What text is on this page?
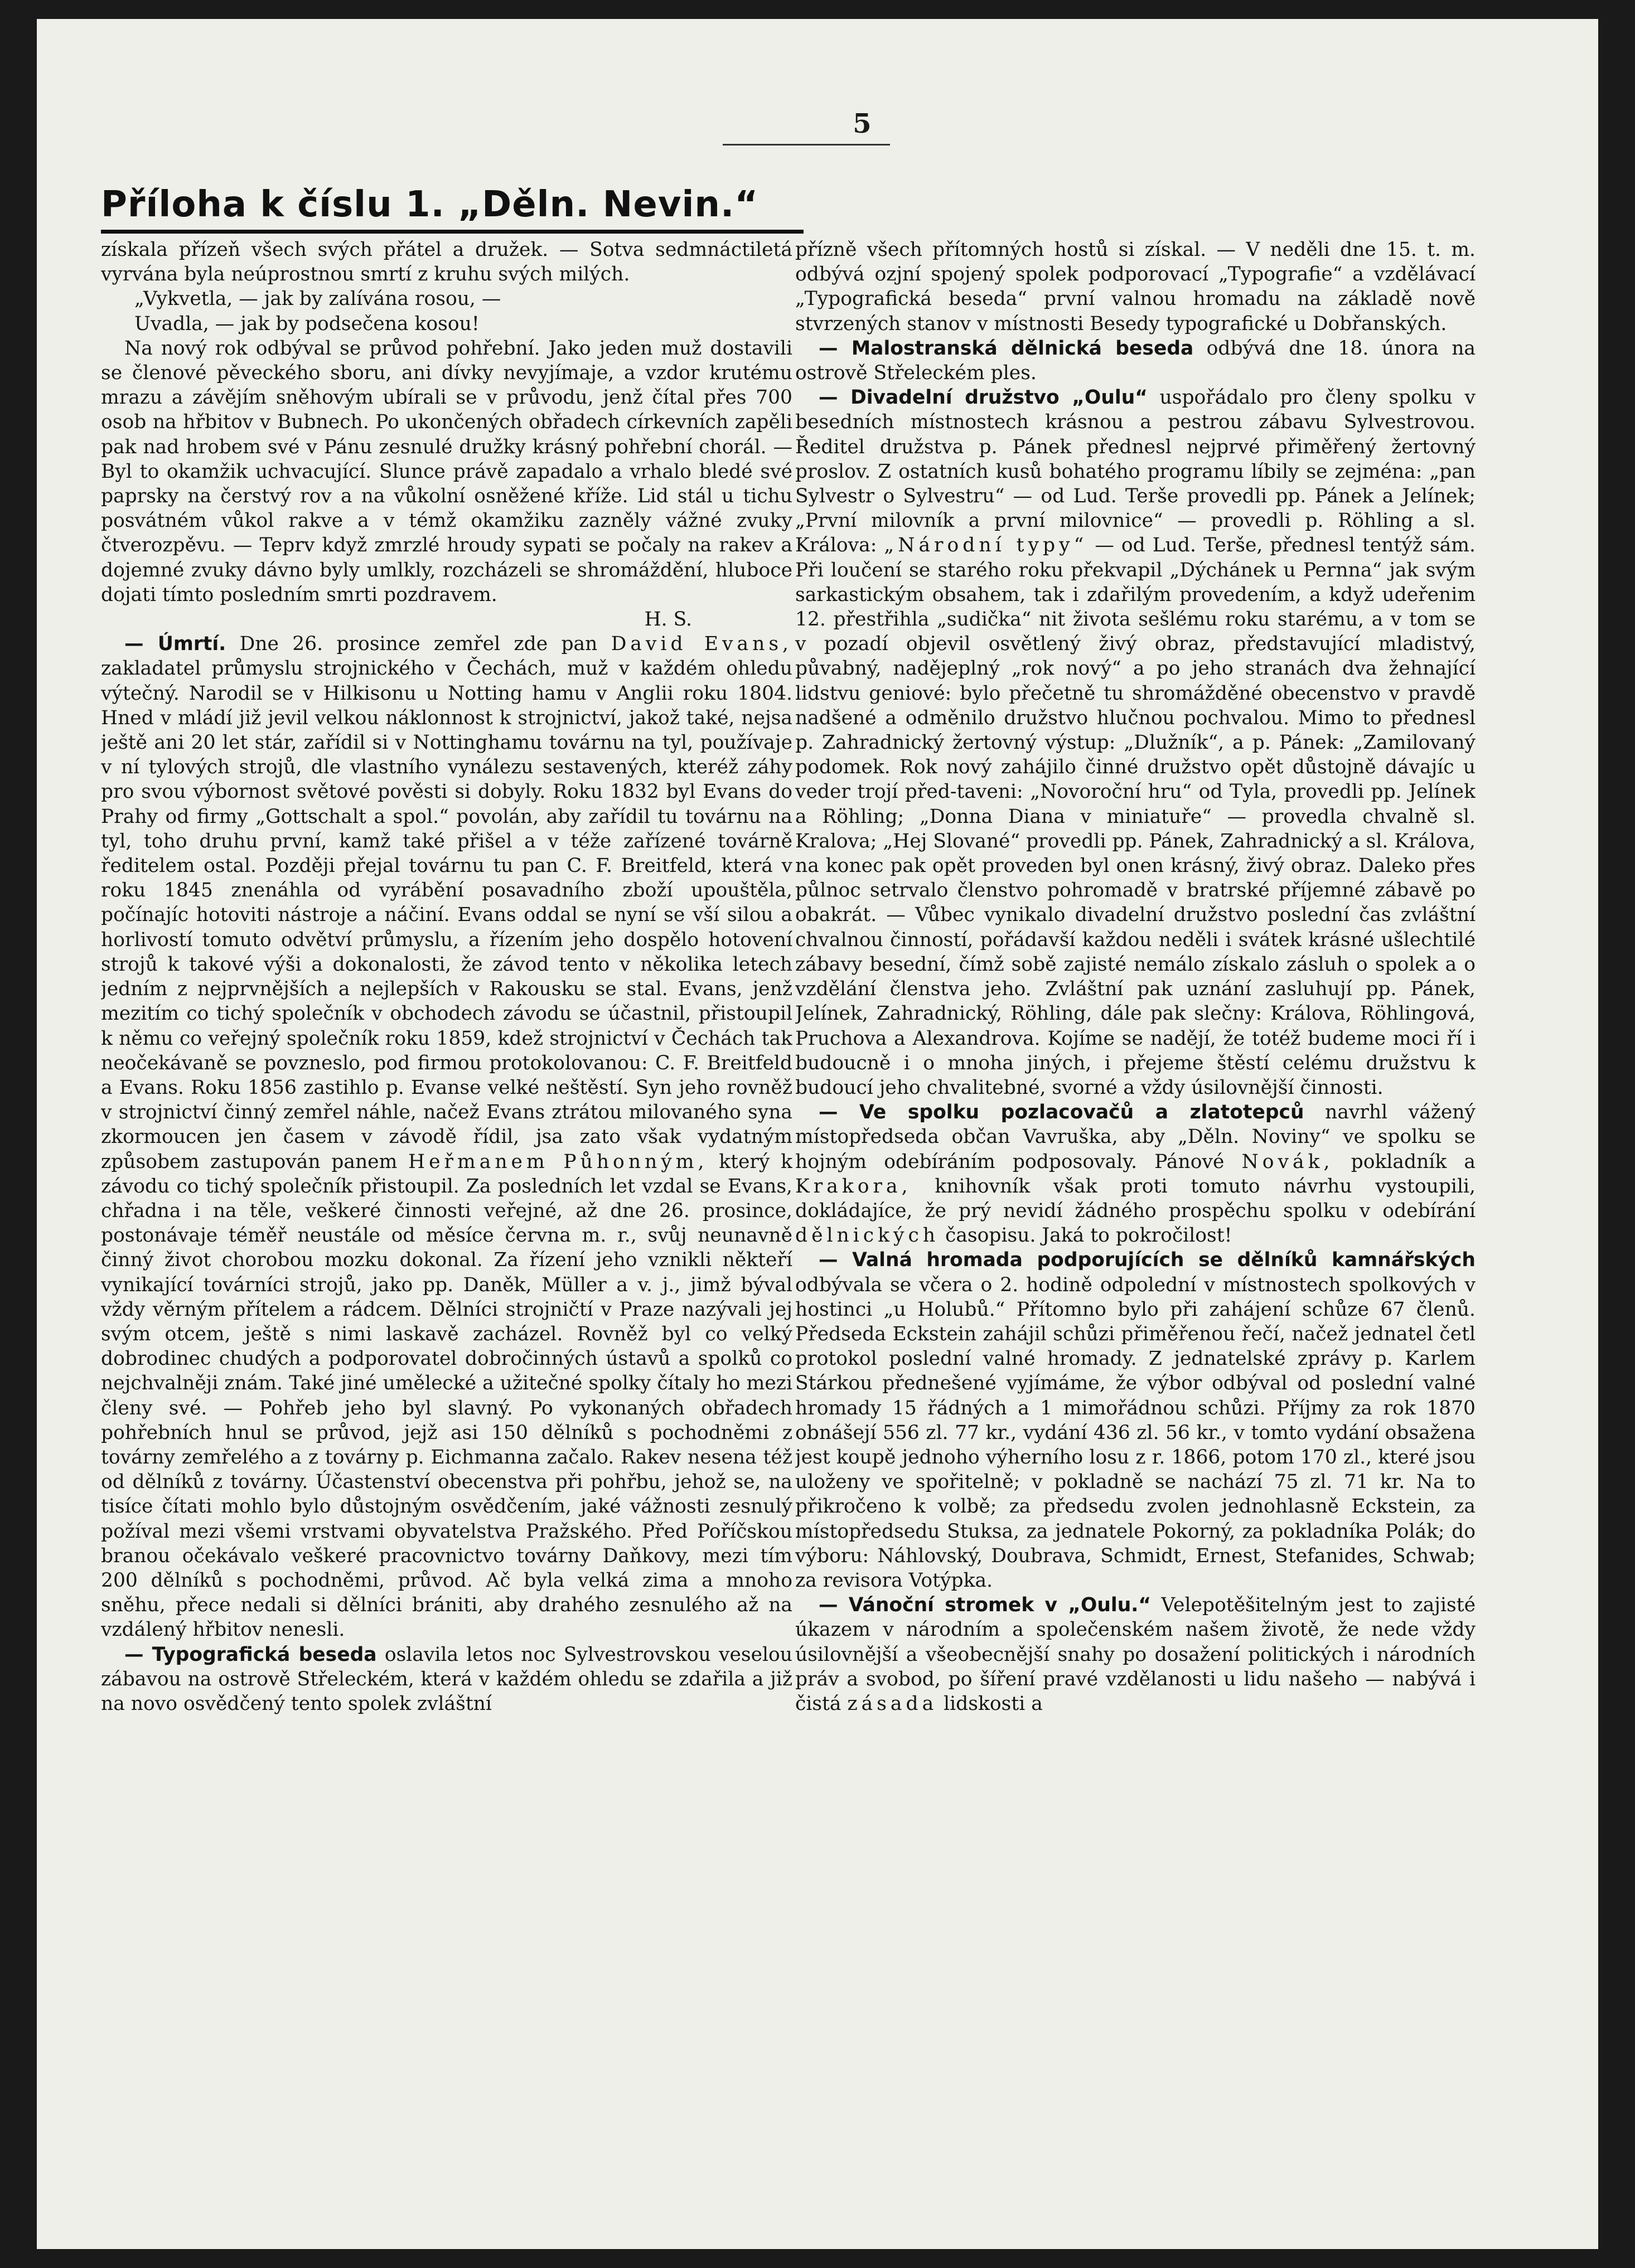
5
Příloha k číslu 1. „Děln. Nevin.“

získala přízeň všech svých přátel a družek. — Sotva sedmnáctiletá vyrvána byla neúprostnou smrtí z kruhu svých milých.

„Vykvetla, — jak by zalívána rosou, —
Uvadla, — jak by podsečena kosou!

Na nový rok odbýval se průvod pohřební. Jako jeden muž dostavili se členové pěveckého sboru, ani dívky nevyjímaje, a vzdor krutému mrazu a závějím sněhovým ubírali se v průvodu, jenž čítal přes 700 osob na hřbitov v Bubnech. Po ukončených obřadech církevních zapěli pak nad hrobem své v Pánu zesnulé družky krásný pohřební chorál. — Byl to okamžik uchvacující. Slunce právě zapadalo a vrhalo bledé své paprsky na čerstvý rov a na vůkolní osněžené kříže. Lid stál u tichu posvátném vůkol rakve a v témž okamžiku zazněly vážné zvuky čtverozpěvu. — Teprv když zmrzlé hroudy sypati se počaly na rakev a dojemné zvuky dávno byly umlkly, rozcházeli se shromáždění, hluboce dojati tímto posledním smrti pozdravem.

H. S.

— Úmrtí. Dne 26. prosince zemřel zde pan David Evans, zakladatel průmyslu strojnického v Čechách, muž v každém ohledu výtečný. Narodil se v Hilkisonu u Notting hamu v Anglii roku 1804. Hned v mládí již jevil velkou náklonnost k strojnictví, jakož také, nejsa ještě ani 20 let stár, zařídil si v Nottinghamu továrnu na tyl, používaje v ní tylových strojů, dle vlastního vynálezu sestavených, kteréž záhy pro svou výbornost světové pověsti si dobyly. Roku 1832 byl Evans do Prahy od firmy „Gottschalt a spol.“ povolán, aby zařídil tu továrnu na tyl, toho druhu první, kamž také přišel a v téže zařízené továrně ředitelem ostal. Později přejal továrnu tu pan C. F. Breitfeld, která v roku 1845 znenáhla od vyrábění posavadního zboží upouštěla, počínajíc hotoviti nástroje a náčiní. Evans oddal se nyní se vší silou a horlivostí tomuto odvětví průmyslu, a řízením jeho dospělo hotovení strojů k takové výši a dokonalosti, že závod tento v několika letech jedním z nejprvnějších a nejlepších v Rakousku se stal. Evans, jenž mezitím co tichý společník v obchodech závodu se účastnil, přistoupil k němu co veřejný společník roku 1859, kdež strojnictví v Čechách tak neočekávaně se povzneslo, pod firmou protokolovanou: C. F. Breitfeld a Evans. Roku 1856 zastihlo p. Evanse velké neštěstí. Syn jeho rovněž v strojnictví činný zemřel náhle, načež Evans ztrátou milovaného syna zkormoucen jen časem v závodě řídil, jsa zato však vydatným způsobem zastupován panem Heřmanem Půhonným, který k závodu co tichý společník přistoupil. Za posledních let vzdal se Evans, chřadna i na těle, veškeré činnosti veřejné, až dne 26. prosince, postonávaje téměř neustále od měsíce června m. r., svůj neunavně činný život chorobou mozku dokonal. Za řízení jeho vznikli někteří vynikající továrníci strojů, jako pp. Daněk, Müller a v. j., jimž býval vždy věrným přítelem a rádcem. Dělníci strojničtí v Praze nazývali jej svým otcem, ještě s nimi laskavě zacházel. Rovněž byl co velký dobrodinec chudých a podporovatel dobročinných ústavů a spolků co nejchvalněji znám. Také jiné umělecké a užitečné spolky čítaly ho mezi členy své. — Pohřeb jeho byl slavný. Po vykonaných obřadech pohřebních hnul se průvod, jejž asi 150 dělníků s pochodněmi z továrny zemřelého a z továrny p. Eichmanna začalo. Rakev nesena též od dělníků z továrny. Účastenství obecenstva při pohřbu, jehož se, na tisíce čítati mohlo bylo důstojným osvědčením, jaké vážnosti zesnulý požíval mezi všemi vrstvami obyvatelstva Pražského. Před Poříčskou branou očekávalo veškeré pracovnictvo továrny Daňkovy, mezi tím 200 dělníků s pochodněmi, průvod. Ač byla velká zima a mnoho sněhu, přece nedali si dělníci brániti, aby drahého zesnulého až na vzdálený hřbitov nenesli.

— Typografická beseda oslavila letos noc Sylvestrovskou veselou zábavou na ostrově Střeleckém, která v každém ohledu se zdařila a již na novo osvědčený tento spolek zvláštní

přízně všech přítomných hostů si získal. — V neděli dne 15. t. m. odbývá ozjní spojený spolek podporovací „Typografie“ a vzdělávací „Typografická beseda“ první valnou hromadu na základě nově stvrzených stanov v místnosti Besedy typografické u Dobřanských.

— Malostranská dělnická beseda odbývá dne 18. února na ostrově Střeleckém ples.

— Divadelní družstvo „Oulu“ uspořádalo pro členy spolku v besedních místnostech krásnou a pestrou zábavu Sylvestrovou. Ředitel družstva p. Pánek přednesl nejprvé přiměřený žertovný proslov. Z ostatních kusů bohatého programu líbily se zejména: „pan Sylvestr o Sylvestru“ — od Lud. Terše provedli pp. Pánek a Jelínek; „První milovník a první milovnice“ — provedli p. Röhling a sl. Králova: „Národní typy“ — od Lud. Terše, přednesl tentýž sám. Při loučení se starého roku překvapil „Dýchánek u Pernna“ jak svým sarkastickým obsahem, tak i zdařilým provedením, a když udeřenim 12. přestřihla „sudička“ nit života sešlému roku starému, a v tom se v pozadí objevil osvětlený živý obraz, představující mladistvý, půvabný, nadějeplný „rok nový“ a po jeho stranách dva žehnající lidstvu geniové: bylo přečetně tu shromážděné obecenstvo v pravdě nadšené a odměnilo družstvo hlučnou pochvalou. Mimo to přednesl p. Zahradnický žertovný výstup: „Dlužník“, a p. Pánek: „Zamilovaný podomek. Rok nový zahájilo činné družstvo opět důstojně dávajíc u veder trojí před-taveni: „Novoroční hru“ od Tyla, provedli pp. Jelínek a Röhling; „Donna Diana v miniatuře“ — provedla chvalně sl. Kralova; „Hej Slované“ provedli pp. Pánek, Zahradnický a sl. Králova, na konec pak opět proveden byl onen krásný, živý obraz. Daleko přes půlnoc setrvalo členstvo pohromadě v bratrské příjemné zábavě po obakrát. — Vůbec vynikalo divadelní družstvo poslední čas zvláštní chvalnou činností, pořádavší každou neděli i svátek krásné ušlechtilé zábavy besední, čímž sobě zajisté nemálo získalo zásluh o spolek a o vzdělání členstva jeho. Zvláštní pak uznání zasluhují pp. Pánek, Jelínek, Zahradnický, Röhling, dále pak slečny: Králova, Röhlingová, Pruchova a Alexandrova. Kojíme se nadějí, že totéž budeme moci ří i budoucně i o mnoha jiných, i přejeme štěstí celému družstvu k budoucí jeho chvalitebné, svorné a vždy úsilovnější činnosti.

— Ve spolku pozlacovačů a zlatotepců navrhl vážený místopředseda občan Vavruška, aby „Děln. Noviny“ ve spolku se hojným odebíráním podposovaly. Pánové Novák, pokladník a Krakora, knihovník však proti tomuto návrhu vystoupili, dokládajíce, že prý nevidí žádného prospěchu spolku v odebírání dělnických časopisu. Jaká to pokročilost!

— Valná hromada podporujících se dělníků kamnářských odbývala se včera o 2. hodině odpolední v místnostech spolkových v hostinci „u Holubů.“ Přítomno bylo při zahájení schůze 67 členů. Předseda Eckstein zahájil schůzi přiměřenou řečí, načež jednatel četl protokol poslední valné hromady. Z jednatelské zprávy p. Karlem Stárkou přednešené vyjímáme, že výbor odbýval od poslední valné hromady 15 řádných a 1 mimořádnou schůzi. Příjmy za rok 1870 obnášejí 556 zl. 77 kr., vydání 436 zl. 56 kr., v tomto vydání obsažena jest koupě jednoho výherního losu z r. 1866, potom 170 zl., které jsou uloženy ve spořitelně; v pokladně se nachází 75 zl. 71 kr. Na to přikročeno k volbě; za předsedu zvolen jednohlasně Eckstein, za místopředsedu Stuksa, za jednatele Pokorný, za pokladníka Polák; do výboru: Náhlovský, Doubrava, Schmidt, Ernest, Stefanides, Schwab; za revisora Votýpka.

— Vánoční stromek v „Oulu.“ Velepotěšitelným jest to zajisté úkazem v národním a společenském našem životě, že nede vždy úsilovnější a všeobecnější snahy po dosažení politických i národních práv a svobod, po šíření pravé vzdělanosti u lidu našeho — nabývá i čistá zásada lidskosti a
